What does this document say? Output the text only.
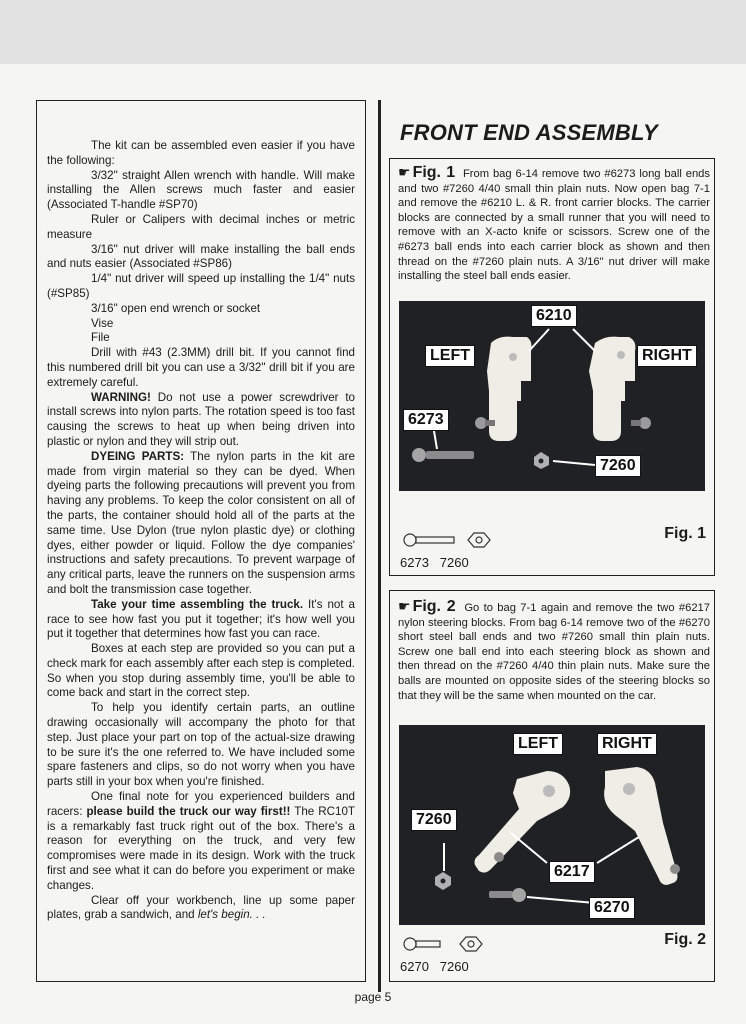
The kit can be assembled even easier if you have the following:

3/32" straight Allen wrench with handle. Will make installing the Allen screws much faster and easier (Associated T-handle #SP70)

Ruler or Calipers with decimal inches or metric measure

3/16" nut driver will make installing the ball ends and nuts easier (Associated #SP86)

1/4" nut driver will speed up installing the 1/4" nuts (#SP85)

3/16" open end wrench or socket

Vise

File

Drill with #43 (2.3MM) drill bit. If you cannot find this numbered drill bit you can use a 3/32" drill bit if you are extremely careful.

WARNING! Do not use a power screwdriver to install screws into nylon parts. The rotation speed is too fast causing the screws to heat up when being driven into plastic or nylon and they will strip out.

DYEING PARTS: The nylon parts in the kit are made from virgin material so they can be dyed. When dyeing parts the following precautions will prevent you from having any problems. To keep the color consistent on all of the parts, the container should hold all of the parts at the same time. Use Dylon (true nylon plastic dye) or clothing dyes, either powder or liquid. Follow the dye companies' instructions and safety precautions. To prevent warpage of any critical parts, leave the runners on the suspension arms and bolt the transmission case together.

Take your time assembling the truck. It's not a race to see how fast you put it together; it's how well you put it together that determines how fast you can race.

Boxes at each step are provided so you can put a check mark for each assembly after each step is completed. So when you stop during assembly time, you'll be able to come back and start in the correct step.

To help you identify certain parts, an outline drawing occasionally will accompany the photo for that step. Just place your part on top of the actual-size drawing to be sure it's the one referred to. We have included some spare fasteners and clips, so do not worry when you have parts still in your box when you're finished.

One final note for you experienced builders and racers: please build the truck our way first!! The RC10T is a remarkably fast truck right out of the box. There's a reason for everything on the truck, and very few compromises were made in its design. Work with the truck first and see what it can do before you experiment or make changes.

Clear off your workbench, line up some paper plates, grab a sandwich, and let's begin. . .

FRONT END ASSEMBLY
☛ Fig. 1 From bag 6-14 remove two #6273 long ball ends and two #7260 4/40 small thin plain nuts. Now open bag 7-1 and remove the #6210 L. & R. front carrier blocks. The carrier blocks are connected by a small runner that you will need to remove with an X-acto knife or scissors. Screw one of the #6273 ball ends into each carrier block as shown and then thread on the #7260 plain nuts. A 3/16" nut driver will make installing the steel ball ends easier.
6210
LEFT	RIGHT
6273
7260
6273 7260
Fig. 1
☛ Fig. 2 Go to bag 7-1 again and remove the two #6217 nylon steering blocks. From bag 6-14 remove two of the #6270 short steel ball ends and two #7260 small thin plain nuts. Screw one ball end into each steering block as shown and then thread on the #7260 4/40 thin plain nuts. Make sure the balls are mounted on opposite sides of the steering blocks so that they will be the same when mounted on the car.
LEFT	RIGHT
7260
6217
6270
6270 7260
Fig. 2
page 5
